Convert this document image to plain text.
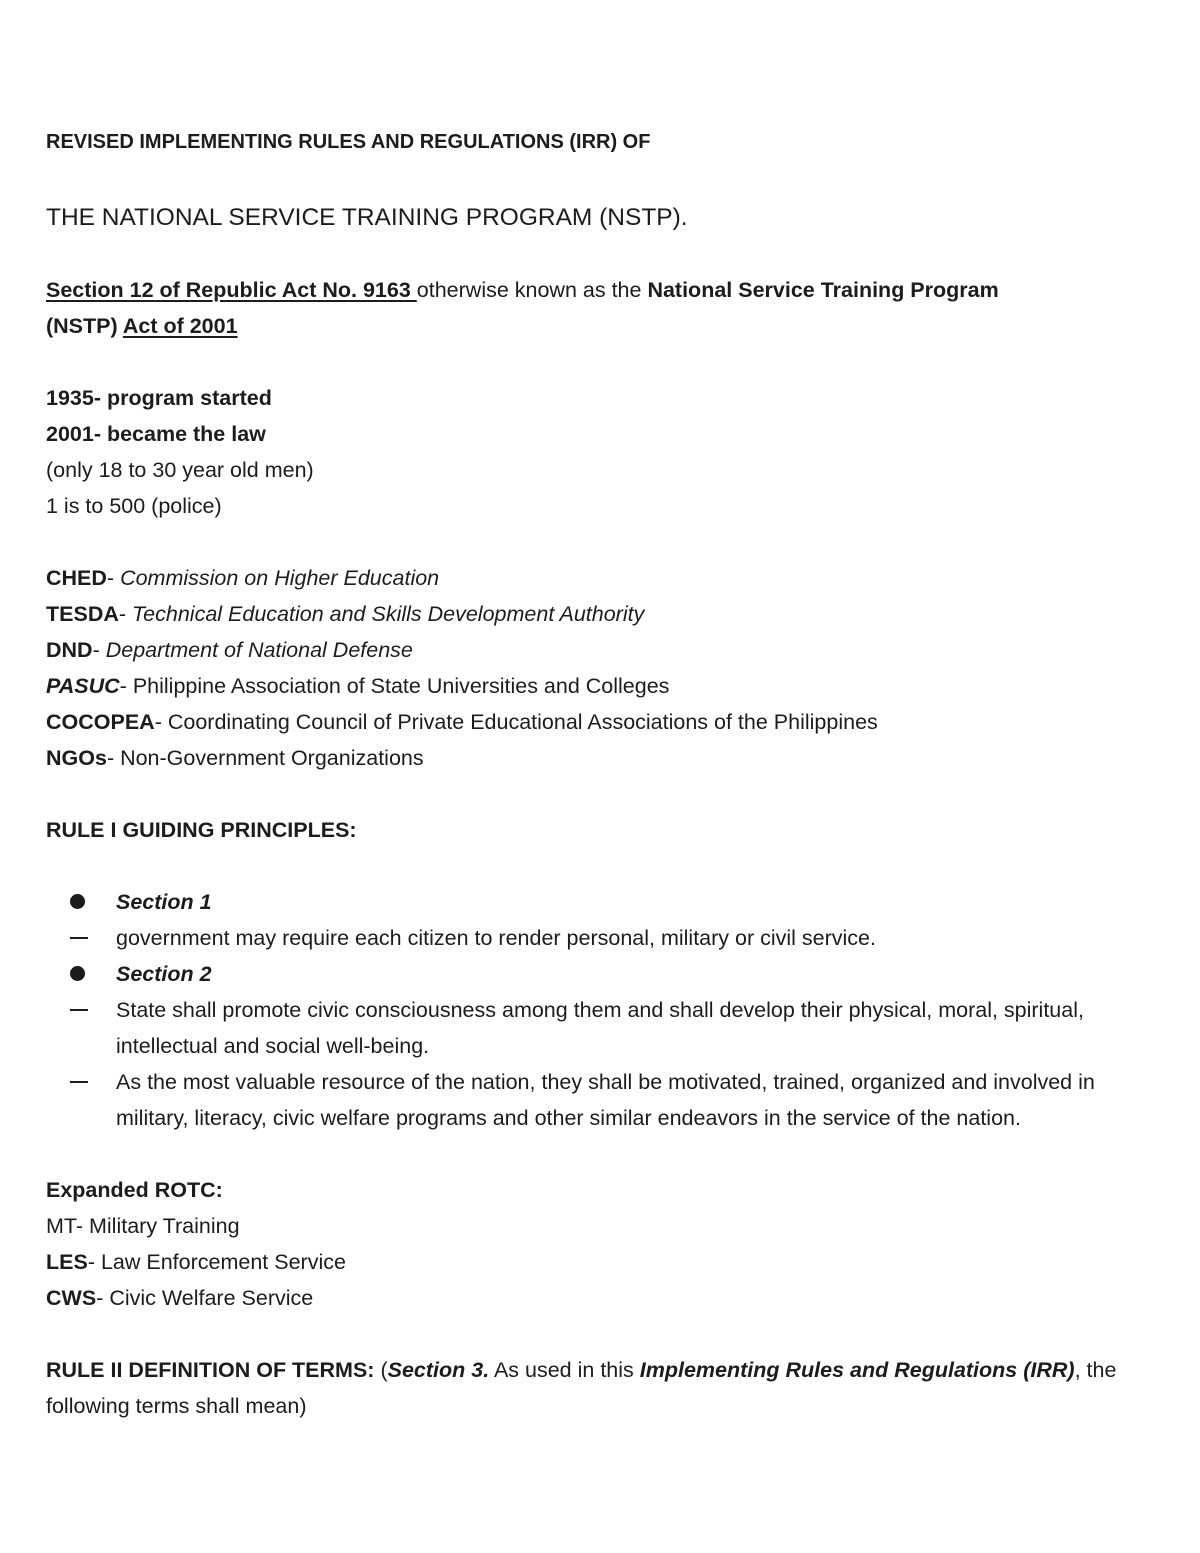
REVISED IMPLEMENTING RULES AND REGULATIONS (IRR) OF
THE NATIONAL SERVICE TRAINING PROGRAM (NSTP).
Section 12 of Republic Act No. 9163 otherwise known as the National Service Training Program
(NSTP) Act of 2001
1935- program started
2001- became the law
(only 18 to 30 year old men)
1 is to 500 (police)
CHED- Commission on Higher Education
TESDA- Technical Education and Skills Development Authority
DND- Department of National Defense
PASUC- Philippine Association of State Universities and Colleges
COCOPEA- Coordinating Council of Private Educational Associations of the Philippines
NGOs- Non-Government Organizations
RULE I GUIDING PRINCIPLES:
Section 1
government may require each citizen to render personal, military or civil service.
Section 2
State shall promote civic consciousness among them and shall develop their physical, moral, spiritual, intellectual and social well-being.
As the most valuable resource of the nation, they shall be motivated, trained, organized and involved in military, literacy, civic welfare programs and other similar endeavors in the service of the nation.
Expanded ROTC:
MT- Military Training
LES- Law Enforcement Service
CWS- Civic Welfare Service
RULE II DEFINITION OF TERMS: (Section 3. As used in this Implementing Rules and Regulations (IRR), the following terms shall mean)
